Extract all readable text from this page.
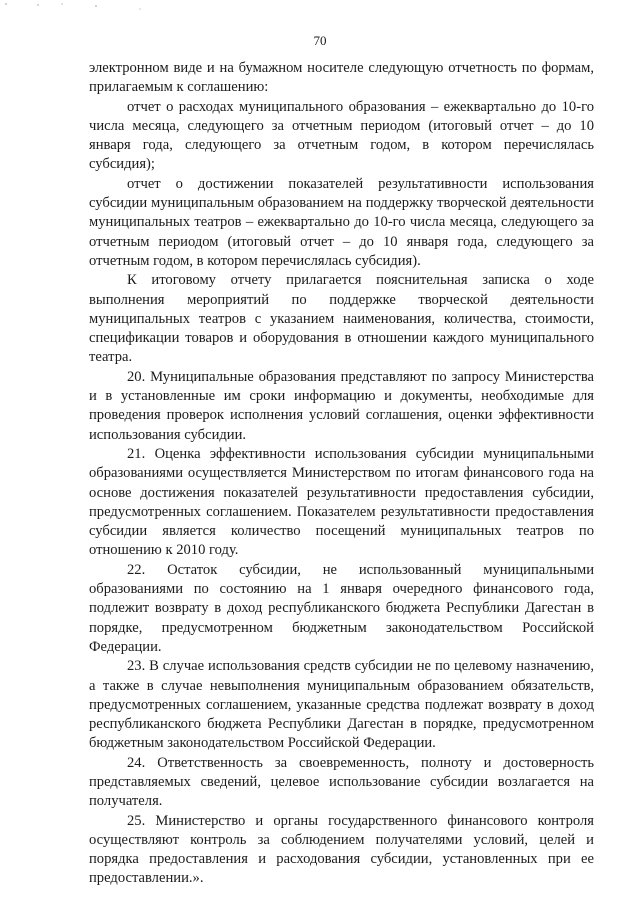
70

электронном виде и на бумажном носителе следующую отчетность по формам, прилагаемым к соглашению:

отчет о расходах муниципального образования – ежеквартально до 10-го числа месяца, следующего за отчетным периодом (итоговый отчет – до 10 января года, следующего за отчетным годом, в котором перечислялась субсидия);

отчет о достижении показателей результативности использования субсидии муниципальным образованием на поддержку творческой деятельности муниципальных театров – ежеквартально до 10-го числа месяца, следующего за отчетным периодом (итоговый отчет – до 10 января года, следующего за отчетным годом, в котором перечислялась субсидия).

К итоговому отчету прилагается пояснительная записка о ходе выполнения мероприятий по поддержке творческой деятельности муниципальных театров с указанием наименования, количества, стоимости, спецификации товаров и оборудования в отношении каждого муниципального театра.

20. Муниципальные образования представляют по запросу Министерства и в установленные им сроки информацию и документы, необходимые для проведения проверок исполнения условий соглашения, оценки эффективности использования субсидии.

21. Оценка эффективности использования субсидии муниципальными образованиями осуществляется Министерством по итогам финансового года на основе достижения показателей результативности предоставления субсидии, предусмотренных соглашением. Показателем результативности предоставления субсидии является количество посещений муниципальных театров по отношению к 2010 году.

22. Остаток субсидии, не использованный муниципальными образованиями по состоянию на 1 января очередного финансового года, подлежит возврату в доход республиканского бюджета Республики Дагестан в порядке, предусмотренном бюджетным законодательством Российской Федерации.

23. В случае использования средств субсидии не по целевому назначению, а также в случае невыполнения муниципальным образованием обязательств, предусмотренных соглашением, указанные средства подлежат возврату в доход республиканского бюджета Республики Дагестан в порядке, предусмотренном бюджетным законодательством Российской Федерации.

24. Ответственность за своевременность, полноту и достоверность представляемых сведений, целевое использование субсидии возлагается на получателя.

25. Министерство и органы государственного финансового контроля осуществляют контроль за соблюдением получателями условий, целей и порядка предоставления и расходования субсидии, установленных при ее предоставлении.».
